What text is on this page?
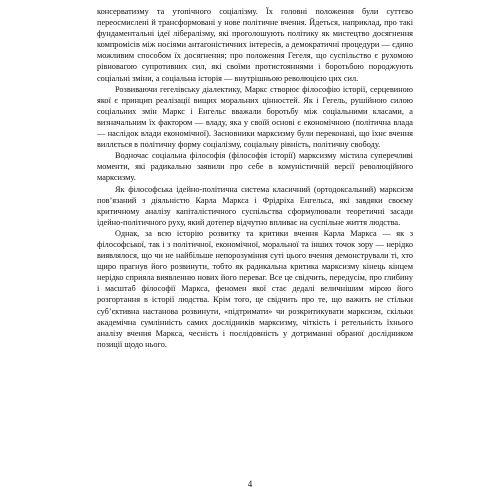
консерватизму та утопічного соціалізму. Їх головні положення були суттєво переосмислені й трансформовані у нове політичне вчення. Йдеться, наприклад, про такі фундаментальні ідеї лібералізму, які проголошують політику як мистецтво досягнення компромісів між носіями антагоністичних інтересів, а демократичні процедури — єдино можливим способом їх досягнення; про положення Гегеля, що суспільство є рухомою рівновагою супротивних сил, які своїми протистояннями і боротьбою породжують соціальні зміни, а соціальна історія — внутрішньою революцією цих сил.

Розвиваючи гегелівську діалектику, Маркс створює філософію історії, серцевиною якої є принцип реалізації вищих моральних цінностей. Як і Гегель, рушійною силою соціальних змін Маркс і Енгельс вважали боротьбу між соціальними класами, а визначальним їх фактором — владу, яка у своїй основі є економічною (політична влада — наслідок влади економічної). Засновники марксизму були переконані, що їхнє вчення виллється в політичну форму соціалізму, соціальну рівність, політичну свободу.

Водночас соціальна філософія (філософія історії) марксизму містила суперечливі моменти, які радикально заявили про себе в комуністичній версії революційного марксизму.

Як філософська ідейно-політична система класичний (ортодоксальний) марксизм пов’язаний з діяльністю Карла Маркса і Фрідріха Енгельса, які завдяки своєму критичному аналізу капіталістичного суспільства сформулювали теоретичні засади ідейно-політичного руху, який дотепер відчутно впливає на суспільне життя людства.

Однак, за всю історію розвитку та критики вчення Карла Маркса — як з філософської, так і з політичної, економічної, моральної та інших точок зору — нерідко виявлялося, що чи не найбільше непорозуміння суті цього вчення демонстрували ті, хто щиро прагнув його розвинути, тобто як радикальна критика марксизму кінець кінцем нерідко сприяла виявленню нових його переваг. Все це свідчить, передусім, про глибину і масштаб філософії Маркса, феномен якої стає дедалі величнішим мірою його розгортання в історії людства. Крім того, це свідчить про те, що важить не стільки суб’єктивна настанова розвинути, «підтримати» чи розкритикувати марксизм, скільки академічна сумлінність самих дослідників марксизму, чіткість і ретельність їхнього аналізу вчення Маркса, чесність і послідовність у дотриманні обраної дослідником позиції щодо нього.

4
